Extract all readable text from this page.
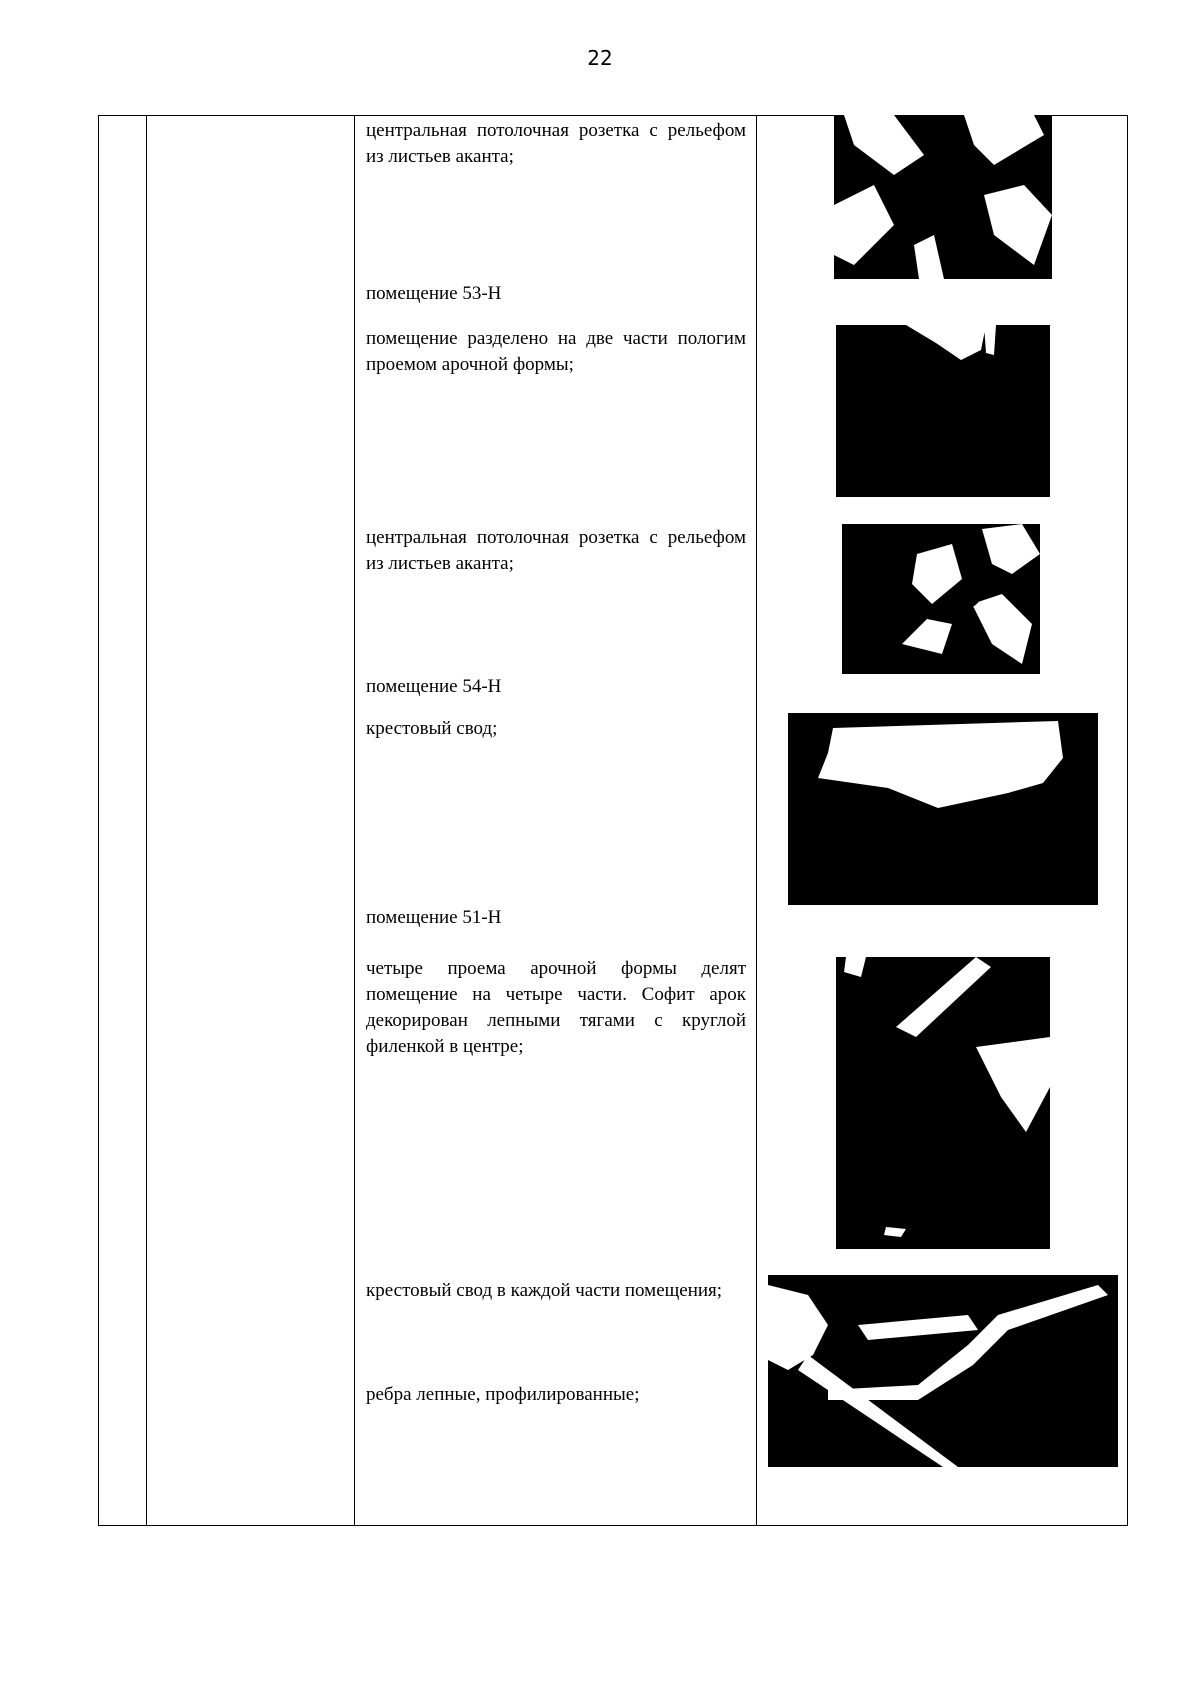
22
центральная потолочная розетка с рельефом из листьев аканта;
помещение 53-Н
помещение разделено на две части пологим проемом арочной формы;
центральная потолочная розетка с рельефом из листьев аканта;
помещение 54-Н
крестовый свод;
помещение 51-Н
четыре проема арочной формы делят помещение на четыре части. Софит арок декорирован лепными тягами с круглой филенкой в центре;
крестовый свод в каждой части помещения;
ребра лепные, профилированные;
